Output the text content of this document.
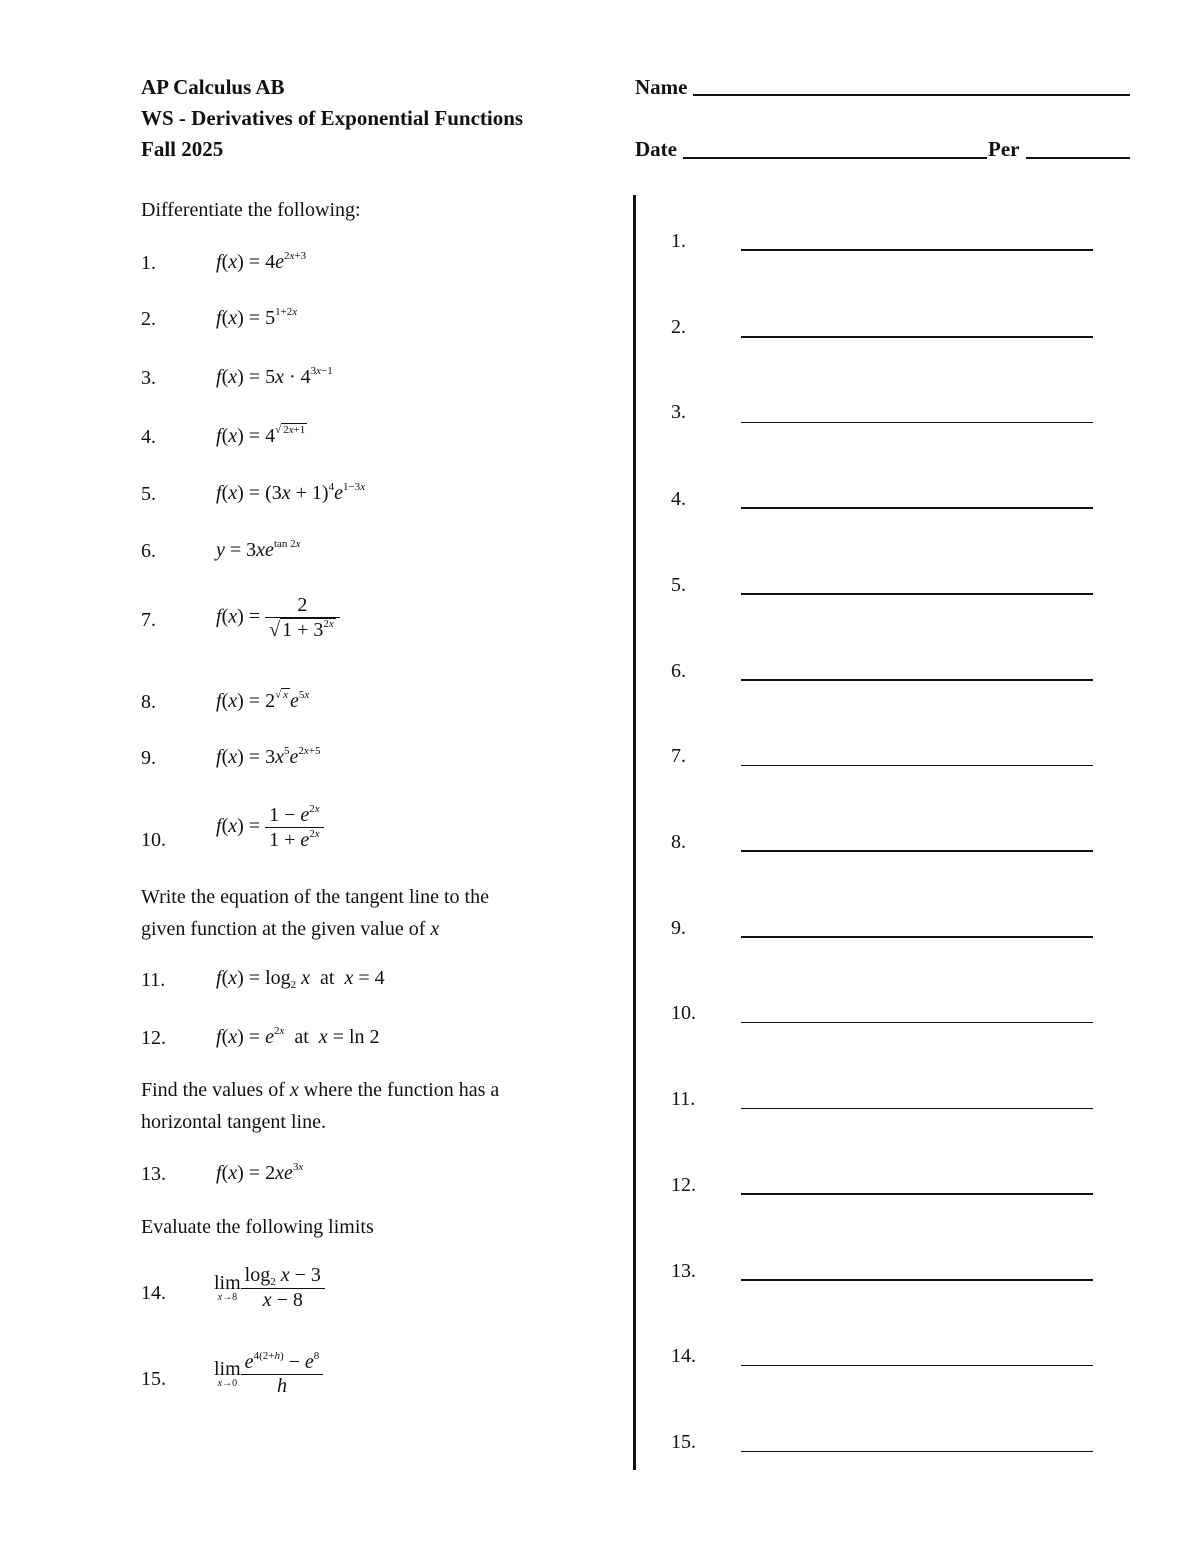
AP Calculus AB
WS - Derivatives of Exponential Functions
Fall 2025
Name
Date	Per
Differentiate the following:
1.	$f(x) = 4e^{2x+3}$
2.	$f(x) = 5^{1+2x}$
3.	$f(x) = 5x \cdot 4^{3x-1}$
4.	$f(x) = 4^{√ 2x+1}$
5.	$f(x) = (3x + 1)^4e^{1-3x}$
6.	$y = 3xe^{tan 2x}$
7.	$f(x) = \frac{2}{√ 1 + 3^{2x}}$
8.	$f(x) = 2^{√ x}$ $e^{5x}$
9.	$f(x) = 3x^5e^{2x+5}$
10.
$f(x) = \frac{1 - e^{2x}}{1 + e^{2x}}$
Write the equation of the tangent line to the
given function at the given value of x
11.	$f(x) = \log_2 x$  at  x = 4
12.	$f(x) = e^{2x}$  at  x = ln 2
Find the values of x where the function has a
horizontal tangent line.
13.	$f(x) = 2xe^{3x}$
Evaluate the following limits
14. lim
$x\to 8 \frac{\log_2 x - 3}{x - 8}$
15. lim
$x\to 0 \frac{e^{4(2+h)} - e^8}{h}$
1.
2.
3.
4.
5.
6.
7.
8.
9.
10.
11.
12.
13.
14.
15.
